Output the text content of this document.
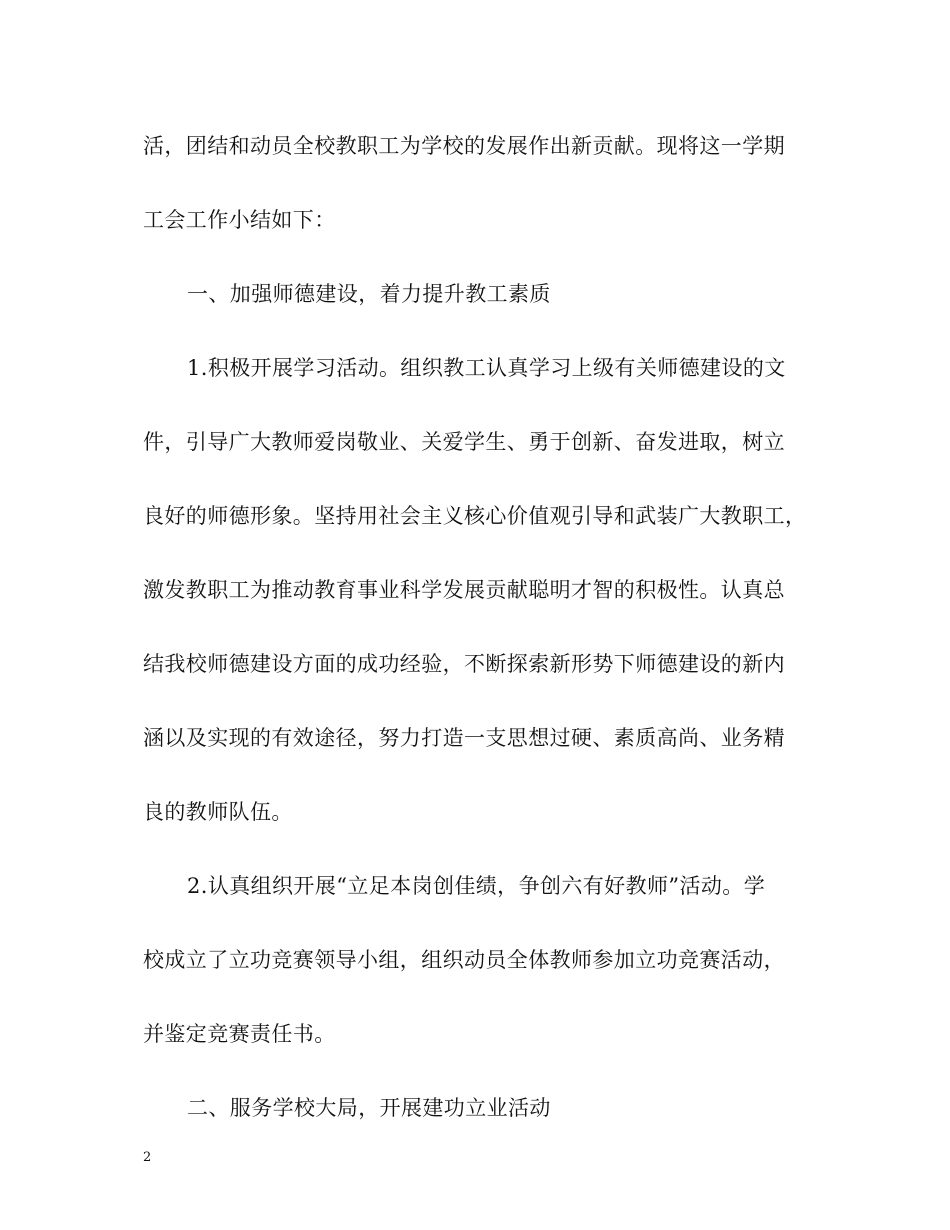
活，团结和动员全校教职工为学校的发展作出新贡献。现将这一学期
工会工作小结如下：
一、加强师德建设，着力提升教工素质
1.积极开展学习活动。组织教工认真学习上级有关师德建设的文
件，引导广大教师爱岗敬业、关爱学生、勇于创新、奋发进取，树立
良好的师德形象。坚持用社会主义核心价值观引导和武装广大教职工，
激发教职工为推动教育事业科学发展贡献聪明才智的积极性。认真总
结我校师德建设方面的成功经验，不断探索新形势下师德建设的新内
涵以及实现的有效途径，努力打造一支思想过硬、素质高尚、业务精
良的教师队伍。
2.认真组织开展“立足本岗创佳绩，争创六有好教师”活动。学
校成立了立功竞赛领导小组，组织动员全体教师参加立功竞赛活动，
并鉴定竞赛责任书。
二、服务学校大局，开展建功立业活动
2
